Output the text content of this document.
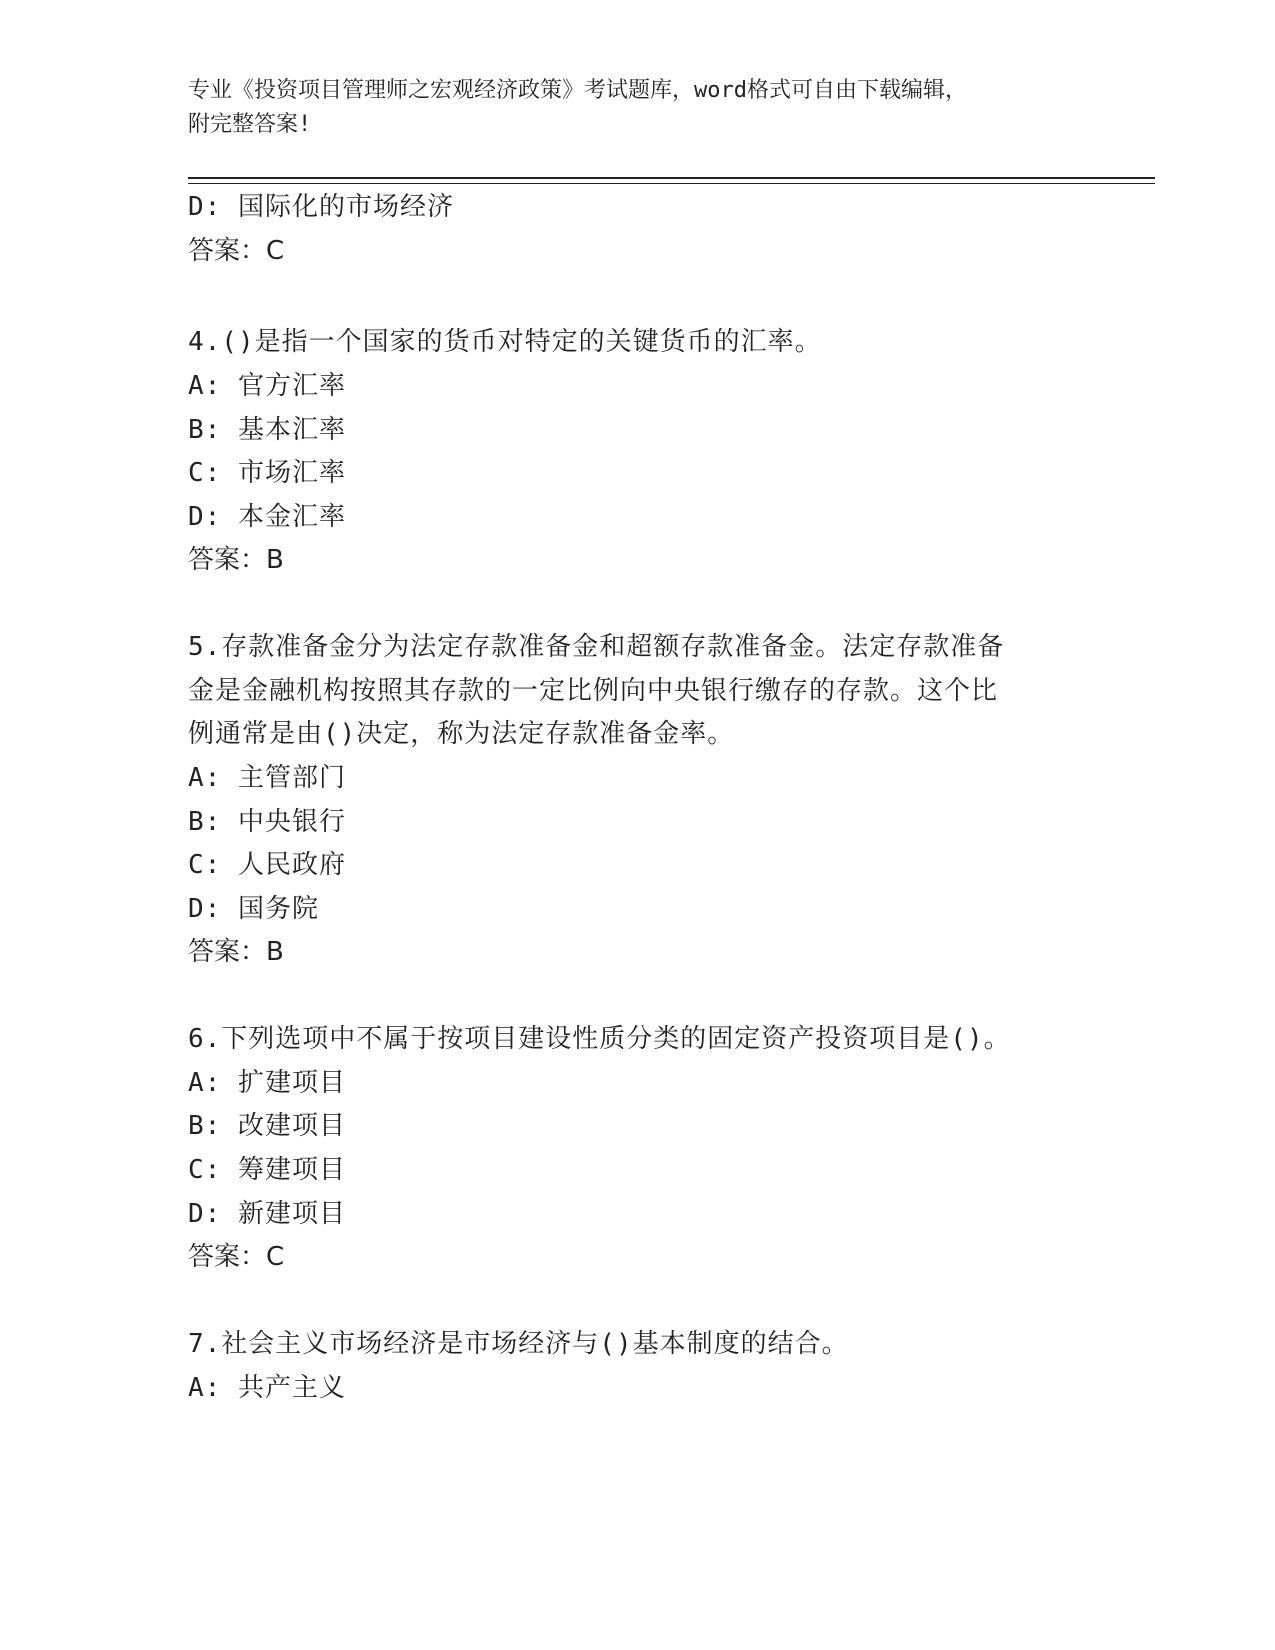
专业《投资项目管理师之宏观经济政策》考试题库，word格式可自由下载编辑，
附完整答案!
D: 国际化的市场经济
答案：C
4.()是指一个国家的货币对特定的关键货币的汇率。
A: 官方汇率
B: 基本汇率
C: 市场汇率
D: 本金汇率
答案：B
5.存款准备金分为法定存款准备金和超额存款准备金。法定存款准备
金是金融机构按照其存款的一定比例向中央银行缴存的存款。这个比
例通常是由()决定，称为法定存款准备金率。
A: 主管部门
B: 中央银行
C: 人民政府
D: 国务院
答案：B
6.下列选项中不属于按项目建设性质分类的固定资产投资项目是()。
A: 扩建项目
B: 改建项目
C: 筹建项目
D: 新建项目
答案：C
7.社会主义市场经济是市场经济与()基本制度的结合。
A: 共产主义
